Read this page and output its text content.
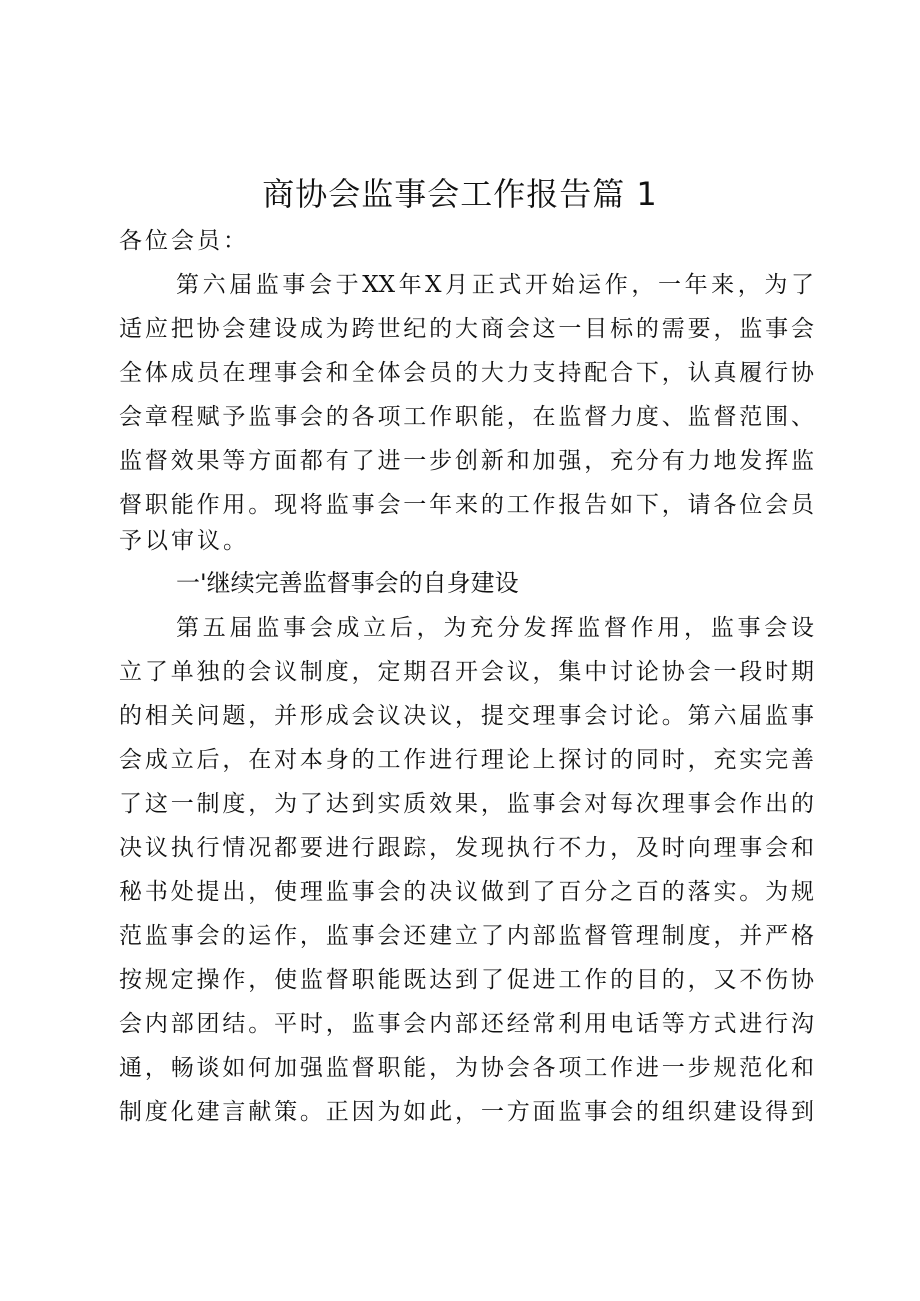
商协会监事会工作报告篇 1
各位会员：
第六届监事会于XX年X月正式开始运作，一年来，为了
适应把协会建设成为跨世纪的大商会这一目标的需要，监事会
全体成员在理事会和全体会员的大力支持配合下，认真履行协
会章程赋予监事会的各项工作职能，在监督力度、监督范围、
监督效果等方面都有了进一步创新和加强，充分有力地发挥监
督职能作用。现将监事会一年来的工作报告如下，请各位会员
予以审议。
一'继续完善监督事会的自身建设
第五届监事会成立后，为充分发挥监督作用，监事会设
立了单独的会议制度，定期召开会议，集中讨论协会一段时期
的相关问题，并形成会议决议，提交理事会讨论。第六届监事
会成立后，在对本身的工作进行理论上探讨的同时，充实完善
了这一制度，为了达到实质效果，监事会对每次理事会作出的
决议执行情况都要进行跟踪，发现执行不力，及时向理事会和
秘书处提出，使理监事会的决议做到了百分之百的落实。为规
范监事会的运作，监事会还建立了内部监督管理制度，并严格
按规定操作，使监督职能既达到了促进工作的目的，又不伤协
会内部团结。平时，监事会内部还经常利用电话等方式进行沟
通，畅谈如何加强监督职能，为协会各项工作进一步规范化和
制度化建言献策。正因为如此，一方面监事会的组织建设得到
